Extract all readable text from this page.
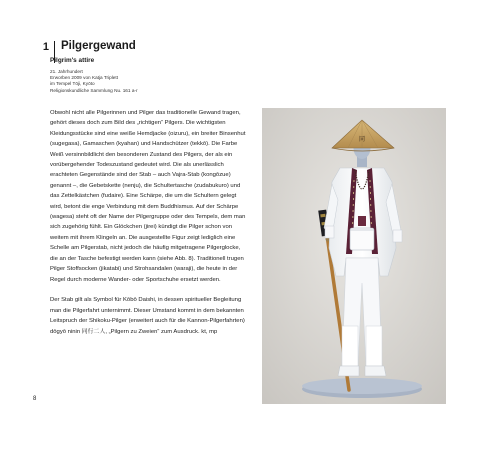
1 Pilgergewand
Pilgrim's attire
21. Jahrhundert
Erworben 2009 von Katja Triplett
im Tempel Tōji, Kyōto
Religionskundliche Sammlung Nu. 161 a-r

Obwohl nicht alle Pilgerinnen und Pilger das traditionelle Gewand tragen, gehört dieses doch zum Bild des „richtigen“ Pilgers. Die wichtigsten Kleidungsstücke sind eine weiße Hemdjacke (oizuru), ein breiter Binsenhut (sugegasa), Gamaschen (kyahan) und Handschützer (tekkō). Die Farbe Weiß versinnbildlicht den besonderen Zustand des Pilgers, der als ein vorübergehender Todeszustand gedeutet wird. Die als unerlässlich erachteten Gegenstände sind der Stab – auch Vajra-Stab (kongōzue) genannt –, die Gebetskette (nenju), die Schultertasche (zudabukuro) und das Zettelkästchen (fudaire). Eine Schärpe, die um die Schultern gelegt wird, betont die enge Verbindung mit dem Buddhismus. Auf der Schärpe (wagesa) steht oft der Name der Pilgergruppe oder des Tempels, dem man sich zugehörig fühlt. Ein Glöckchen (jirei) kündigt die Pilger schon von weitem mit ihrem Klingeln an. Die ausgestellte Figur zeigt lediglich eine Schelle am Pilgerstab, nicht jedoch die häufig mitgetragene Pilgerglocke, die an der Tasche befestigt werden kann (siehe Abb. 8). Traditionell trugen Pilger Stoffsocken (jikatabi) und Strohsandalen (waraji), die heute in der Regel durch moderne Wander- oder Sportschuhe ersetzt werden.

Der Stab gilt als Symbol für Kōbō Daishi, in dessen spiritueller Begleitung man die Pilgerfahrt unternimmt. Dieser Umstand kommt in dem bekannten Leitspruch der Shikoku-Pilger (erweitert auch für die Kannon-Pilgerfahrten) dōgyō ninin 同行二人, „Pilgern zu Zweien“ zum Ausdruck. kt, mp

8
同
